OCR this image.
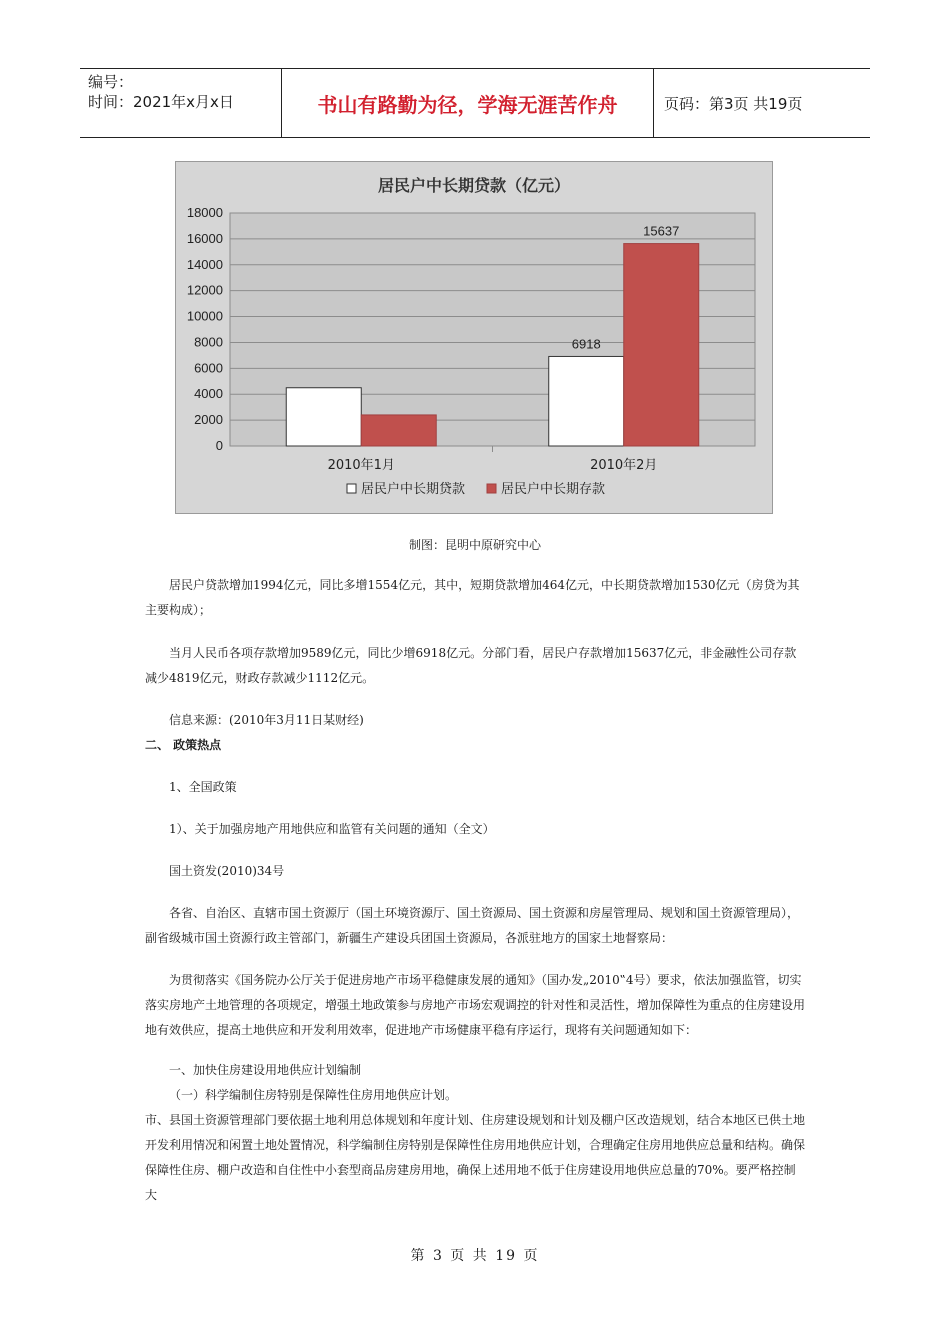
编号：
时间：2021年x月x日	书山有路勤为径，学海无涯苦作舟	页码：第3页 共19页
0
2000
4000
6000
8000
10000
12000
14000
16000
18000
居民户中长期贷款（亿元）
2010年1月
6918
15637
2010年2月
居民户中长期贷款	居民户中长期存款
制图：昆明中原研究中心
居民户贷款增加1994亿元，同比多增1554亿元，其中，短期贷款增加464亿元，中长期贷款增加1530亿元（房贷为其主要构成）；
当月人民币各项存款增加9589亿元，同比少增6918亿元。分部门看，居民户存款增加15637亿元，非金融性公司存款减少4819亿元，财政存款减少1112亿元。
信息来源：(2010年3月11日某财经)
二、 政策热点
1、全国政策
1）、关于加强房地产用地供应和监管有关问题的通知（全文）
国土资发(2010)34号
各省、自治区、直辖市国土资源厅（国土环境资源厅、国土资源局、国土资源和房屋管理局、规划和国土资源管理局），副省级城市国土资源行政主管部门，新疆生产建设兵团国土资源局，各派驻地方的国家土地督察局：
为贯彻落实《国务院办公厅关于促进房地产市场平稳健康发展的通知》（国办发„2010‟4号）要求，依法加强监管，切实落实房地产土地管理的各项规定，增强土地政策参与房地产市场宏观调控的针对性和灵活性，增加保障性为重点的住房建设用地有效供应，提高土地供应和开发利用效率，促进地产市场健康平稳有序运行，现将有关问题通知如下：
一、加快住房建设用地供应计划编制
（一）科学编制住房特别是保障性住房用地供应计划。
市、县国土资源管理部门要依据土地利用总体规划和年度计划、住房建设规划和计划及棚户区改造规划，结合本地区已供土地开发利用情况和闲置土地处置情况，科学编制住房特别是保障性住房用地供应计划，合理确定住房用地供应总量和结构。确保保障性住房、棚户改造和自住性中小套型商品房建房用地，确保上述用地不低于住房建设用地供应总量的70%。要严格控制大
第 3 页 共 19 页
